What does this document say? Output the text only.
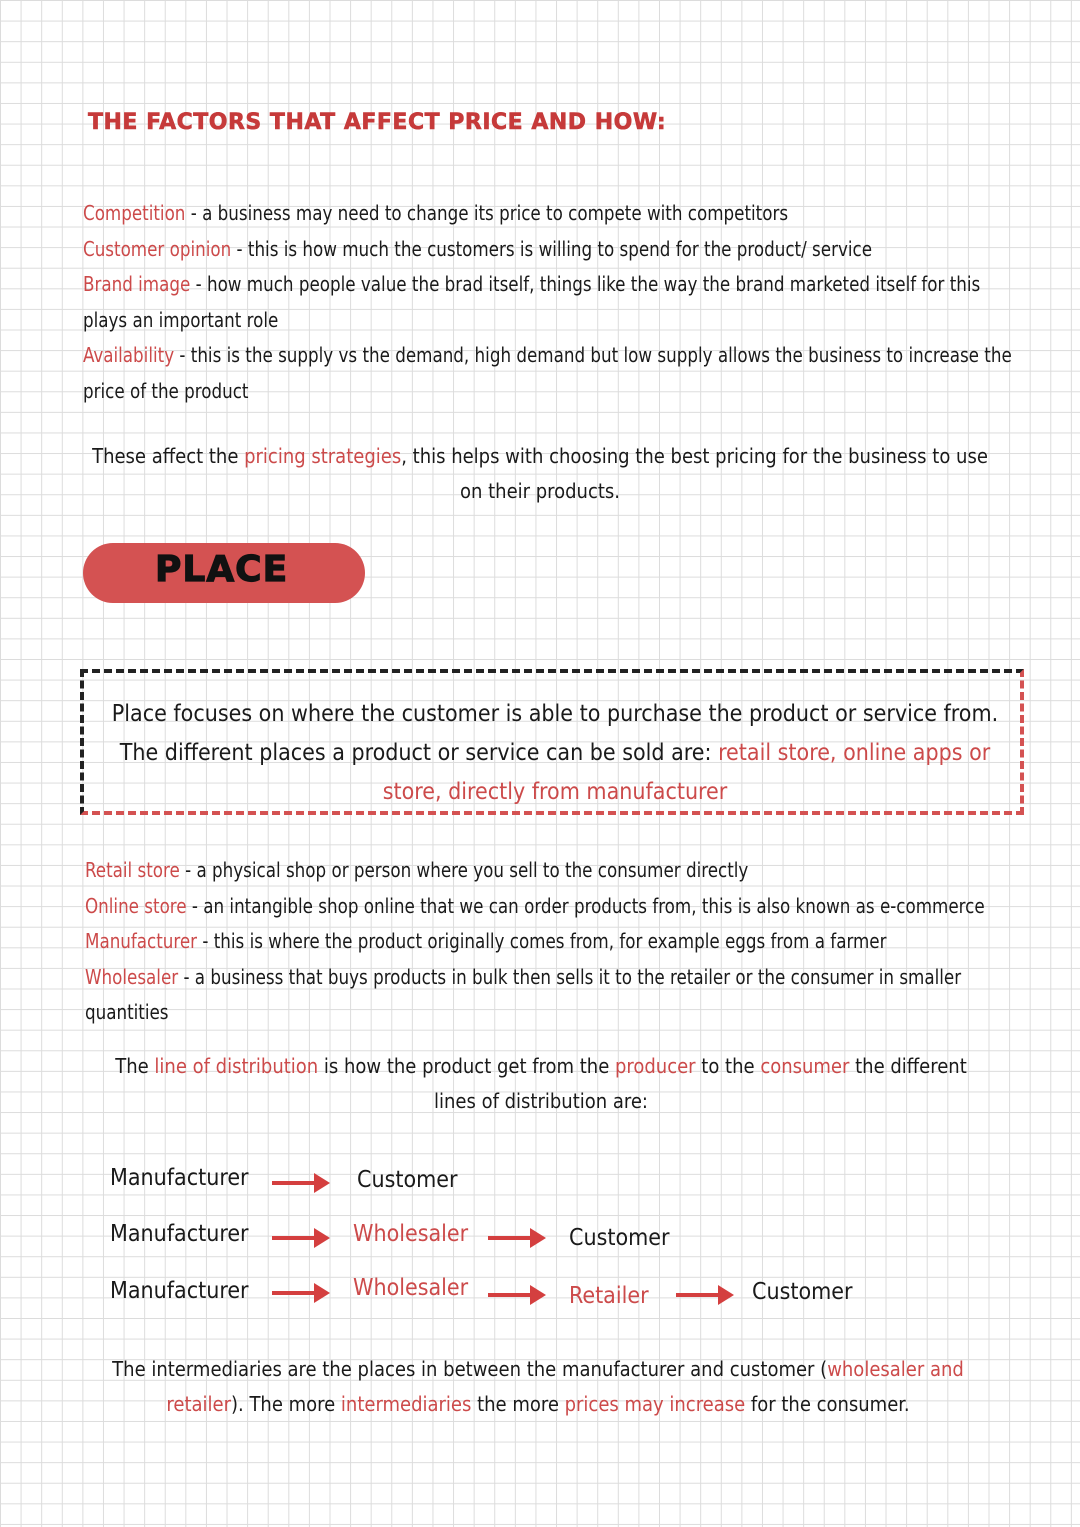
THE FACTORS THAT AFFECT PRICE AND HOW:
Competition - a business may need to change its price to compete with competitors
Customer opinion - this is how much the customers is willing to spend for the product/ service
Brand image - how much people value the brad itself, things like the way the brand marketed itself for this
plays an important role
Availability - this is the supply vs the demand, high demand but low supply allows the business to increase the
price of the product
These affect the pricing strategies, this helps with choosing the best pricing for the business to use on their products.
PLACE
Place focuses on where the customer is able to purchase the product or service from. The different places a product or service can be sold are: retail store, online apps or store, directly from manufacturer
Retail store - a physical shop or person where you sell to the consumer directly
Online store - an intangible shop online that we can order products from, this is also known as e-commerce
Manufacturer - this is where the product originally comes from, for example eggs from a farmer
Wholesaler - a business that buys products in bulk then sells it to the retailer or the consumer in smaller
quantities
The line of distribution is how the product get from the producer to the consumer the different lines of distribution are:
Manufacturer	Customer
Manufacturer	Wholesaler	Customer
Manufacturer	Wholesaler	Retailer	Customer
The intermediaries are the places in between the manufacturer and customer (wholesaler and retailer). The more intermediaries the more prices may increase for the consumer.
